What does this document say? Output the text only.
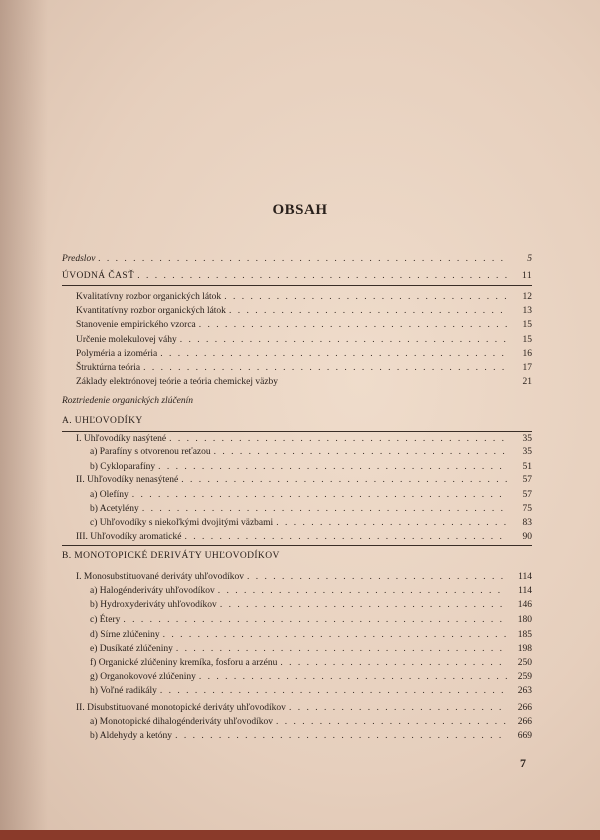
OBSAH
Predslov . . .	5
ÚVODNÁ ČASŤ . . .	11
Kvalitatívny rozbor organických látok . . .	12
Kvantitatívny rozbor organických látok . . .	13
Stanovenie empirického vzorca . . .	15
Určenie molekulovej váhy . . .	15
Polyméria a izoméria . . .	16
Štruktúrna teória . . .	17
Základy elektrónovej teórie a teória chemickej väzby	21
Roztriedenie organických zlúčenín
A. UHĽOVODÍKY
I. Uhľovodíky nasýtené . . .	35
a) Parafíny s otvorenou reťazou . . .	35
b) Cykloparafíny . . .	51
II. Uhľovodíky nenasýtené . . .	57
a) Olefíny . . .	57
b) Acetylény . . .	75
c) Uhľovodíky s niekoľkými dvojitými väzbami . . .	83
III. Uhľovodíky aromatické . . .	90
B. MONOTOPICKÉ DERIVÁTY UHĽOVODÍKOV
I. Monosubstituované deriváty uhľovodíkov . . .	114
a) Halogénderiváty uhľovodíkov . . .	114
b) Hydroxyderiváty uhľovodíkov . . .	146
c) Étery . . .	180
d) Sírne zlúčeniny . . .	185
e) Dusíkaté zlúčeniny . . .	198
f) Organické zlúčeniny kremíka, fosforu a arzénu . . .	250
g) Organokovové zlúčeniny . . .	259
h) Voľné radikály . . .	263
II. Disubstituované monotopické deriváty uhľovodíkov . . .	266
a) Monotopické dihalogénderiváty uhľovodíkov . . .	266
b) Aldehydy a ketóny . . .	669
7
